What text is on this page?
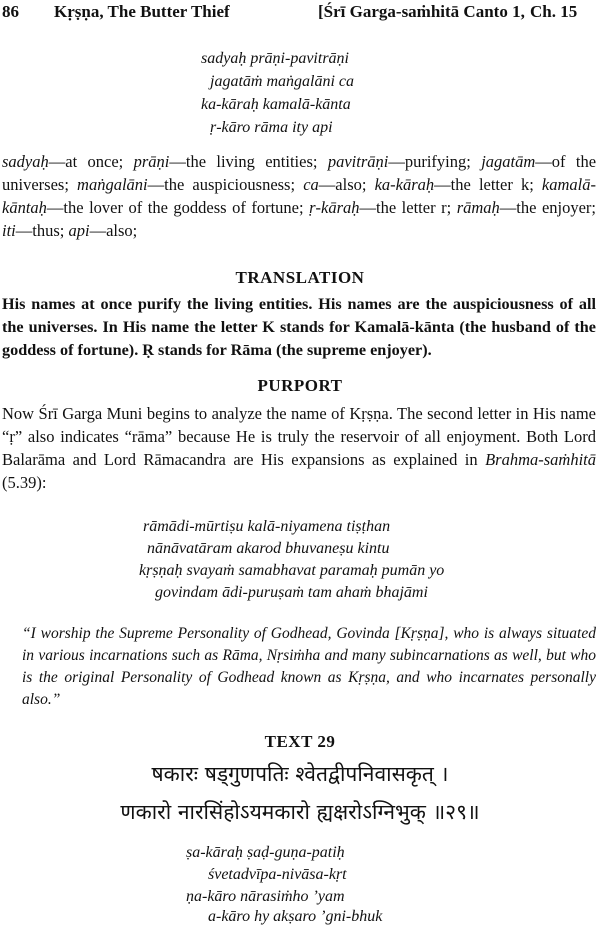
86 Kṛṣṇa, The Butter Thief	[Śrī Garga-saṁhitā Canto 1, Ch. 15
sadyaḥ prāṇi-pavitrāṇi
jagatāṁ maṅgalāni ca
ka-kāraḥ kamalā-kānta
ṛ-kāro rāma ity api
sadyaḥ—at once; prāṇi—the living entities; pavitrāṇi—purifying; jagatām—of the universes; maṅgalāni—the auspiciousness; ca—also; ka-kāraḥ—the letter k; kamalā-kāntaḥ—the lover of the goddess of fortune; ṛ-kāraḥ—the letter r; rāmaḥ—the enjoyer; iti—thus; api—also;
TRANSLATION
His names at once purify the living entities. His names are the auspiciousness of all the universes. In His name the letter K stands for Kamalā-kānta (the husband of the goddess of fortune). Ṛ stands for Rāma (the supreme enjoyer).
PURPORT
Now Śrī Garga Muni begins to analyze the name of Kṛṣṇa. The second letter in His name “ṛ” also indicates “rāma” because He is truly the reservoir of all enjoyment. Both Lord Balarāma and Lord Rāmacandra are His expansions as explained in Brahma-saṁhitā (5.39):
rāmādi-mūrtiṣu kalā-niyamena tiṣṭhan
nānāvatāram akarod bhuvaneṣu kintu
kṛṣṇaḥ svayaṁ samabhavat paramaḥ pumān yo
govindam ādi-puruṣaṁ tam ahaṁ bhajāmi
“I worship the Supreme Personality of Godhead, Govinda [Kṛṣṇa], who is always situated in various incarnations such as Rāma, Nṛsiṁha and many subincarnations as well, but who is the original Personality of Godhead known as Kṛṣṇa, and who incarnates personally also.”
TEXT 29
षकारः षड्गुणपतिः श्वेतद्वीपनिवासकृत् ।
णकारो नारसिंहोऽयमकारो ह्यक्षरोऽग्निभुक् ॥२९॥
ṣa-kāraḥ ṣaḍ-guṇa-patiḥ
śvetadvīpa-nivāsa-kṛt
ṇa-kāro nārasiṁho ’yam
a-kāro hy akṣaro ’gni-bhuk
